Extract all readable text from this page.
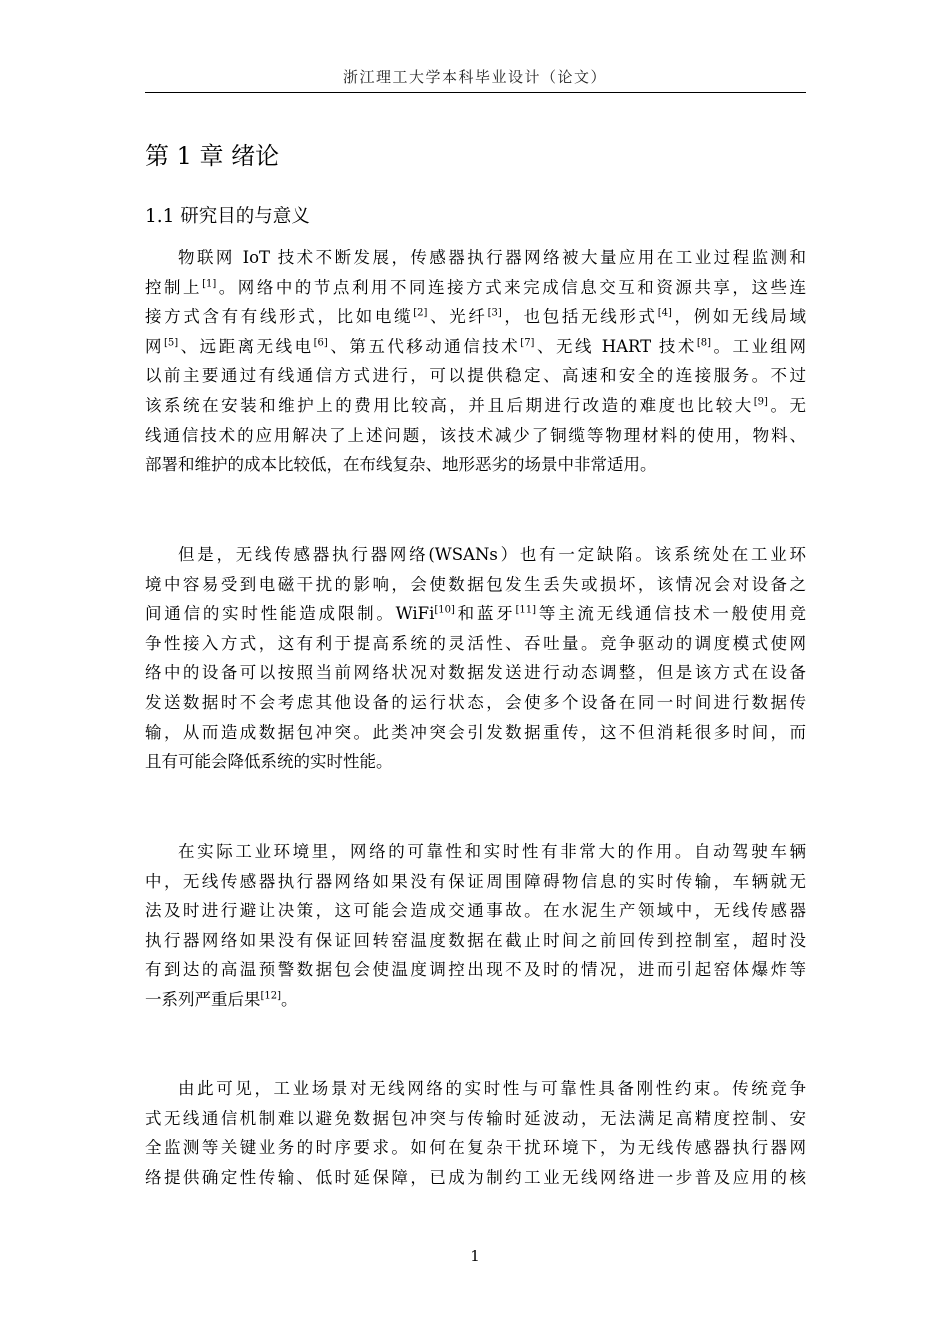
浙江理工大学本科毕业设计（论文）
第 1 章 绪论
1.1 研究目的与意义
物联网 IoT 技术不断发展，传感器执行器网络被大量应用在工业过程监测和
控制上[1]。网络中的节点利用不同连接方式来完成信息交互和资源共享，这些连
接方式含有有线形式，比如电缆[2]、光纤[3]，也包括无线形式[4]，例如无线局域
网[5]、远距离无线电[6]、第五代移动通信技术[7]、无线 HART 技术[8]。工业组网
以前主要通过有线通信方式进行，可以提供稳定、高速和安全的连接服务。不过
该系统在安装和维护上的费用比较高，并且后期进行改造的难度也比较大[9]。无
线通信技术的应用解决了上述问题，该技术减少了铜缆等物理材料的使用，物料、
部署和维护的成本比较低，在布线复杂、地形恶劣的场景中非常适用。
但是，无线传感器执行器网络(WSANs）也有一定缺陷。该系统处在工业环
境中容易受到电磁干扰的影响，会使数据包发生丢失或损坏，该情况会对设备之
间通信的实时性能造成限制。WiFi[10]和蓝牙[11]等主流无线通信技术一般使用竞
争性接入方式，这有利于提高系统的灵活性、吞吐量。竞争驱动的调度模式使网
络中的设备可以按照当前网络状况对数据发送进行动态调整，但是该方式在设备
发送数据时不会考虑其他设备的运行状态，会使多个设备在同一时间进行数据传
输，从而造成数据包冲突。此类冲突会引发数据重传，这不但消耗很多时间，而
且有可能会降低系统的实时性能。
在实际工业环境里，网络的可靠性和实时性有非常大的作用。自动驾驶车辆
中，无线传感器执行器网络如果没有保证周围障碍物信息的实时传输，车辆就无
法及时进行避让决策，这可能会造成交通事故。在水泥生产领域中，无线传感器
执行器网络如果没有保证回转窑温度数据在截止时间之前回传到控制室，超时没
有到达的高温预警数据包会使温度调控出现不及时的情况，进而引起窑体爆炸等
一系列严重后果[12]。
由此可见，工业场景对无线网络的实时性与可靠性具备刚性约束。传统竞争
式无线通信机制难以避免数据包冲突与传输时延波动，无法满足高精度控制、安
全监测等关键业务的时序要求。如何在复杂干扰环境下，为无线传感器执行器网
络提供确定性传输、低时延保障，已成为制约工业无线网络进一步普及应用的核
1
